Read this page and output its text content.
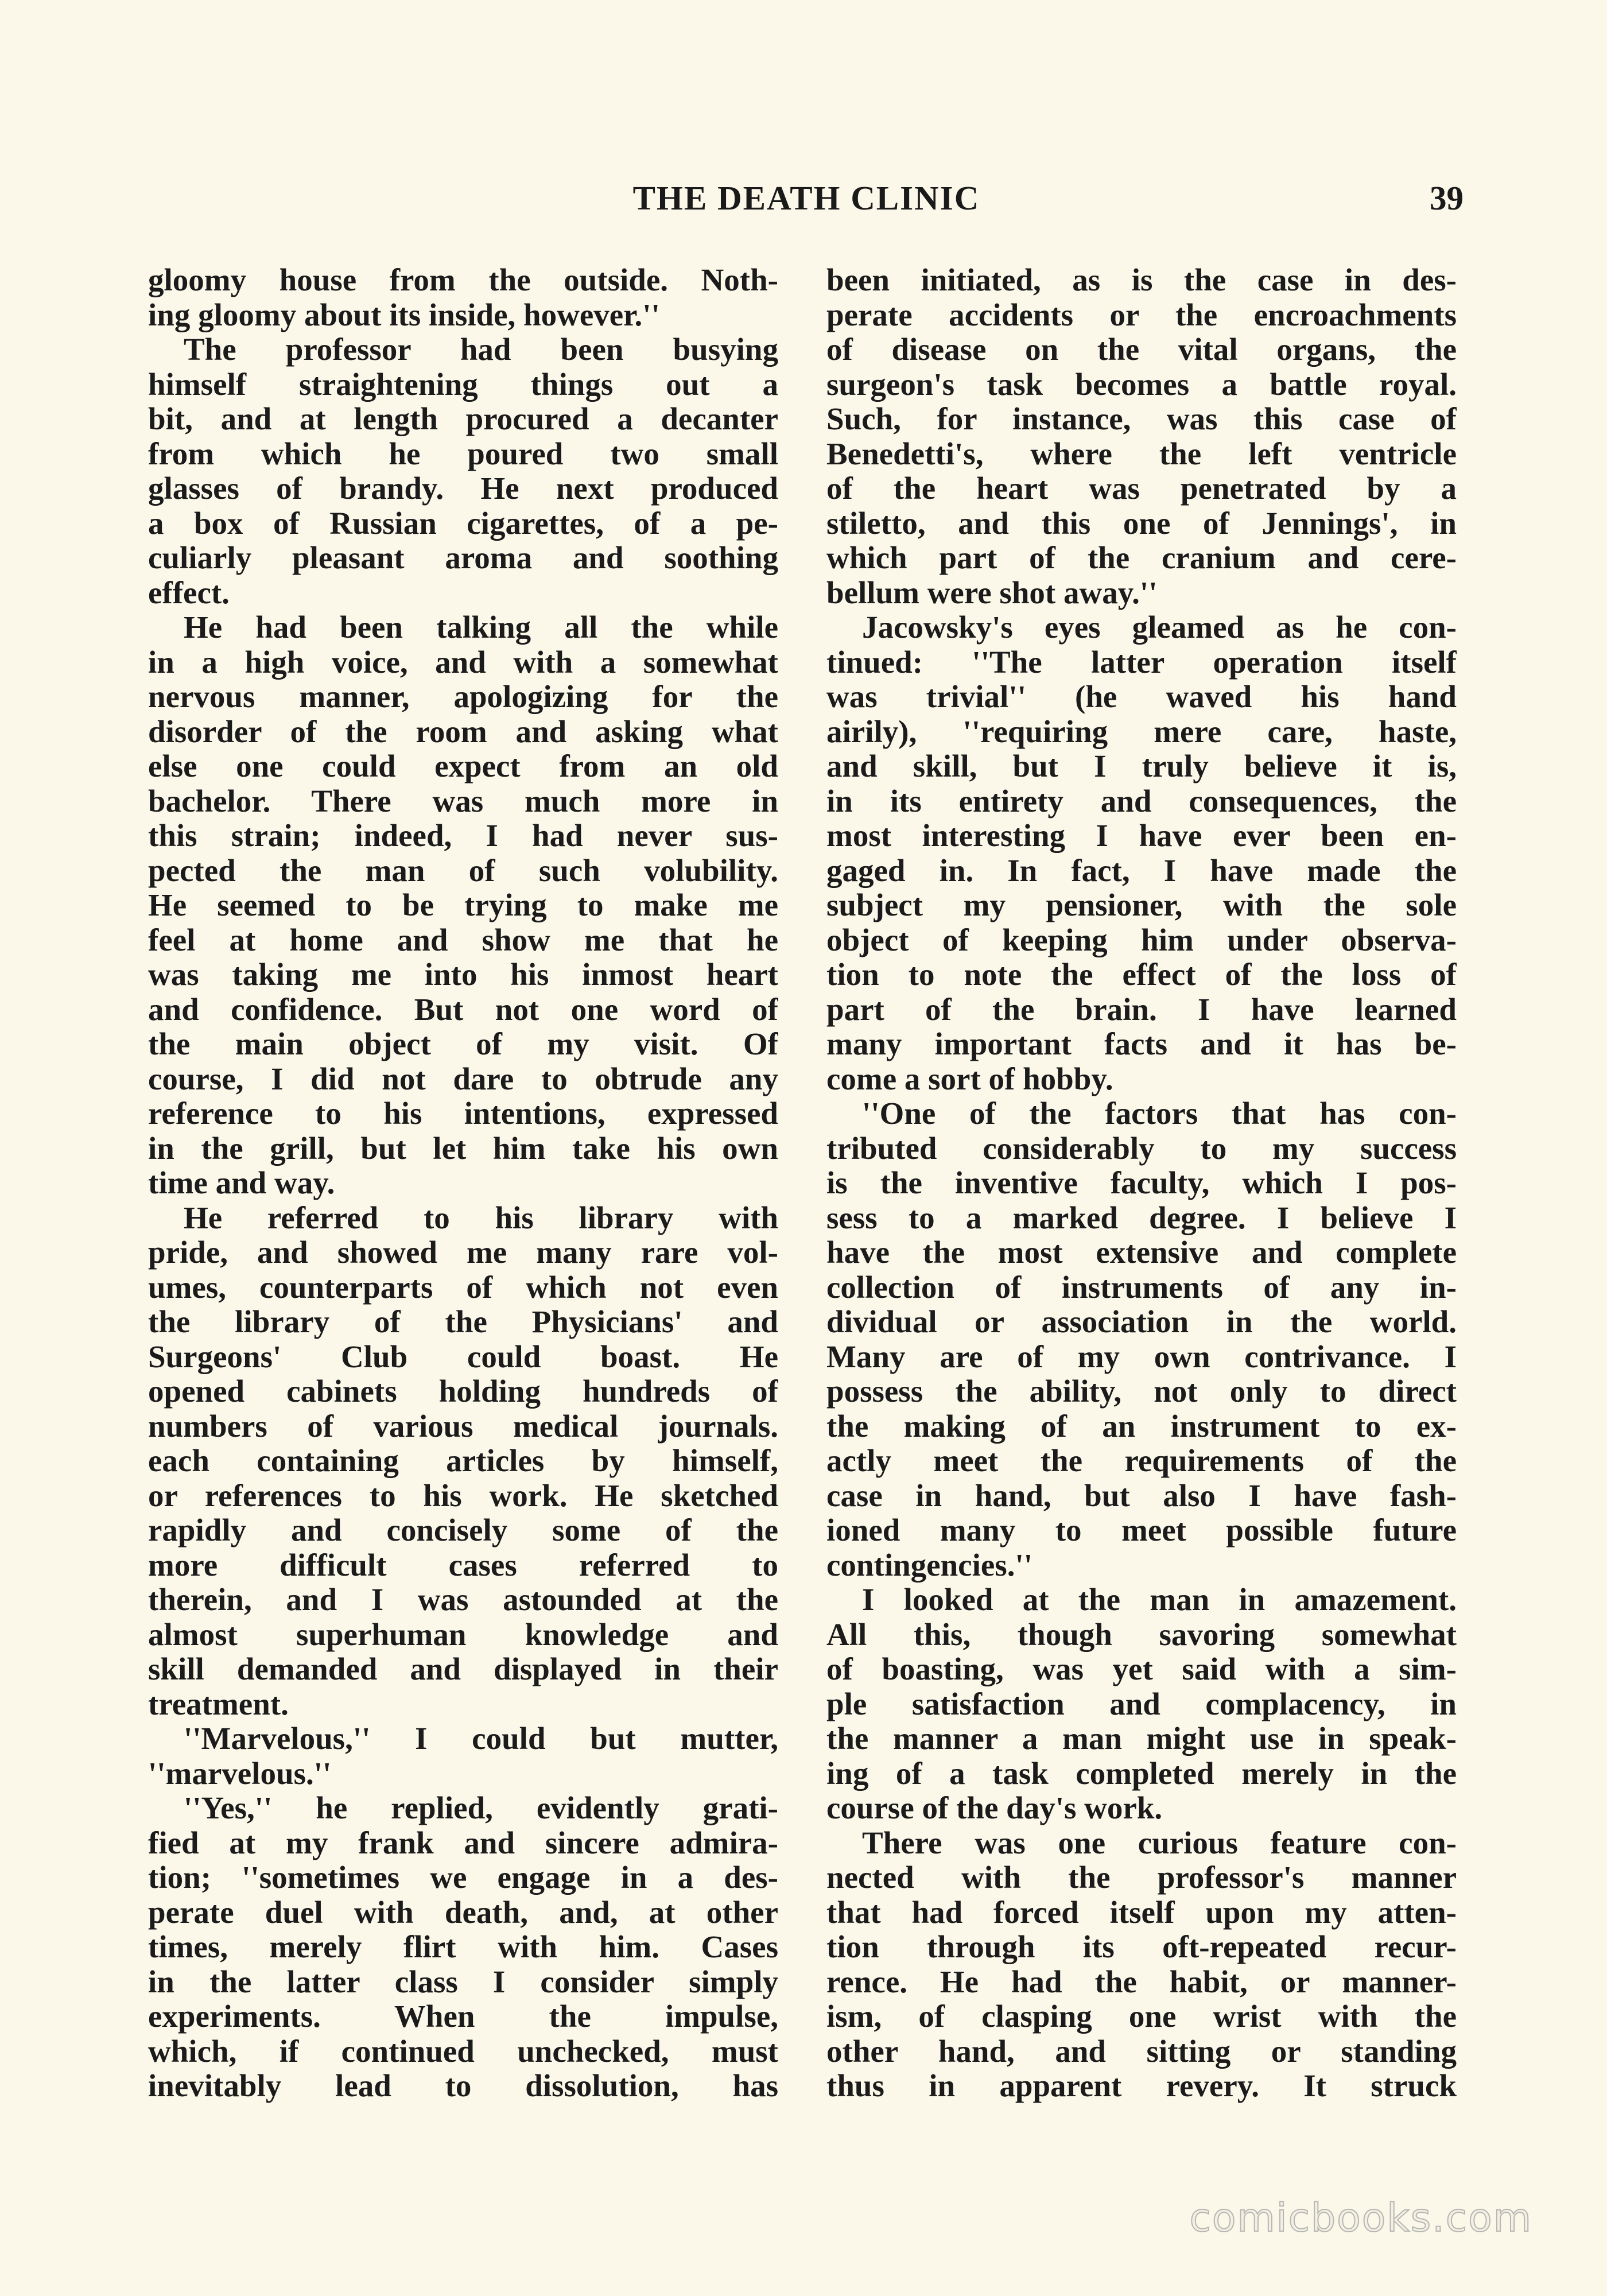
THE DEATH CLINIC	39
gloomy house from the outside. Noth-
ing gloomy about its inside, however.''
The professor had been busying
himself straightening things out a
bit, and at length procured a decanter
from which he poured two small
glasses of brandy. He next produced
a box of Russian cigarettes, of a pe-
culiarly pleasant aroma and soothing
effect.
He had been talking all the while
in a high voice, and with a somewhat
nervous manner, apologizing for the
disorder of the room and asking what
else one could expect from an old
bachelor. There was much more in
this strain; indeed, I had never sus-
pected the man of such volubility.
He seemed to be trying to make me
feel at home and show me that he
was taking me into his inmost heart
and confidence. But not one word of
the main object of my visit. Of
course, I did not dare to obtrude any
reference to his intentions, expressed
in the grill, but let him take his own
time and way.
He referred to his library with
pride, and showed me many rare vol-
umes, counterparts of which not even
the library of the Physicians' and
Surgeons' Club could boast. He
opened cabinets holding hundreds of
numbers of various medical journals.
each containing articles by himself,
or references to his work. He sketched
rapidly and concisely some of the
more difficult cases referred to
therein, and I was astounded at the
almost superhuman knowledge and
skill demanded and displayed in their
treatment.
''Marvelous,'' I could but mutter,
''marvelous.''
''Yes,'' he replied, evidently grati-
fied at my frank and sincere admira-
tion; ''sometimes we engage in a des-
perate duel with death, and, at other
times, merely flirt with him. Cases
in the latter class I consider simply
experiments. When the impulse,
which, if continued unchecked, must
inevitably lead to dissolution, has
been initiated, as is the case in des-
perate accidents or the encroachments
of disease on the vital organs, the
surgeon's task becomes a battle royal.
Such, for instance, was this case of
Benedetti's, where the left ventricle
of the heart was penetrated by a
stiletto, and this one of Jennings', in
which part of the cranium and cere-
bellum were shot away.''
Jacowsky's eyes gleamed as he con-
tinued: ''The latter operation itself
was trivial'' (he waved his hand
airily), ''requiring mere care, haste,
and skill, but I truly believe it is,
in its entirety and consequences, the
most interesting I have ever been en-
gaged in. In fact, I have made the
subject my pensioner, with the sole
object of keeping him under observa-
tion to note the effect of the loss of
part of the brain. I have learned
many important facts and it has be-
come a sort of hobby.
''One of the factors that has con-
tributed considerably to my success
is the inventive faculty, which I pos-
sess to a marked degree. I believe I
have the most extensive and complete
collection of instruments of any in-
dividual or association in the world.
Many are of my own contrivance. I
possess the ability, not only to direct
the making of an instrument to ex-
actly meet the requirements of the
case in hand, but also I have fash-
ioned many to meet possible future
contingencies.''
I looked at the man in amazement.
All this, though savoring somewhat
of boasting, was yet said with a sim-
ple satisfaction and complacency, in
the manner a man might use in speak-
ing of a task completed merely in the
course of the day's work.
There was one curious feature con-
nected with the professor's manner
that had forced itself upon my atten-
tion through its oft-repeated recur-
rence. He had the habit, or manner-
ism, of clasping one wrist with the
other hand, and sitting or standing
thus in apparent revery. It struck
comicbooks.com
